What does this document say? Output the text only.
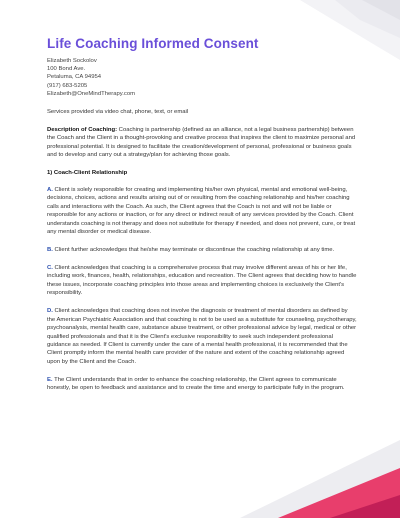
Life Coaching Informed Consent
Elizabeth Sockolov
100 Bond Ave.
Petaluma, CA 94954
(917) 683-5205
Elizabeth@OneMindTherapy.com

Services provided via video chat, phone, text, or email

Description of Coaching: Coaching is partnership (defined as an alliance, not a legal business partnership) between the Coach and the Client in a thought-provoking and creative process that inspires the client to maximize personal and professional potential. It is designed to facilitate the creation/development of personal, professional or business goals and to develop and carry out a strategy/plan for achieving those goals.

1) Coach-Client Relationship

A. Client is solely responsible for creating and implementing his/her own physical, mental and emotional well-being, decisions, choices, actions and results arising out of or resulting from the coaching relationship and his/her coaching calls and interactions with the Coach. As such, the Client agrees that the Coach is not and will not be liable or responsible for any actions or inaction, or for any direct or indirect result of any services provided by the Coach. Client understands coaching is not therapy and does not substitute for therapy if needed, and does not prevent, cure, or treat any mental disorder or medical disease.

B. Client further acknowledges that he/she may terminate or discontinue the coaching relationship at any time.

C. Client acknowledges that coaching is a comprehensive process that may involve different areas of his or her life, including work, finances, health, relationships, education and recreation. The Client agrees that deciding how to handle these issues, incorporate coaching principles into those areas and implementing choices is exclusively the Client's responsibility.

D. Client acknowledges that coaching does not involve the diagnosis or treatment of mental disorders as defined by the American Psychiatric Association and that coaching is not to be used as a substitute for counseling, psychotherapy, psychoanalysis, mental health care, substance abuse treatment, or other professional advice by legal, medical or other qualified professionals and that it is the Client's exclusive responsibility to seek such independent professional guidance as needed. If Client is currently under the care of a mental health professional, it is recommended that the Client promptly inform the mental health care provider of the nature and extent of the coaching relationship agreed upon by the Client and the Coach.

E. The Client understands that in order to enhance the coaching relationship, the Client agrees to communicate honestly, be open to feedback and assistance and to create the time and energy to participate fully in the program.
